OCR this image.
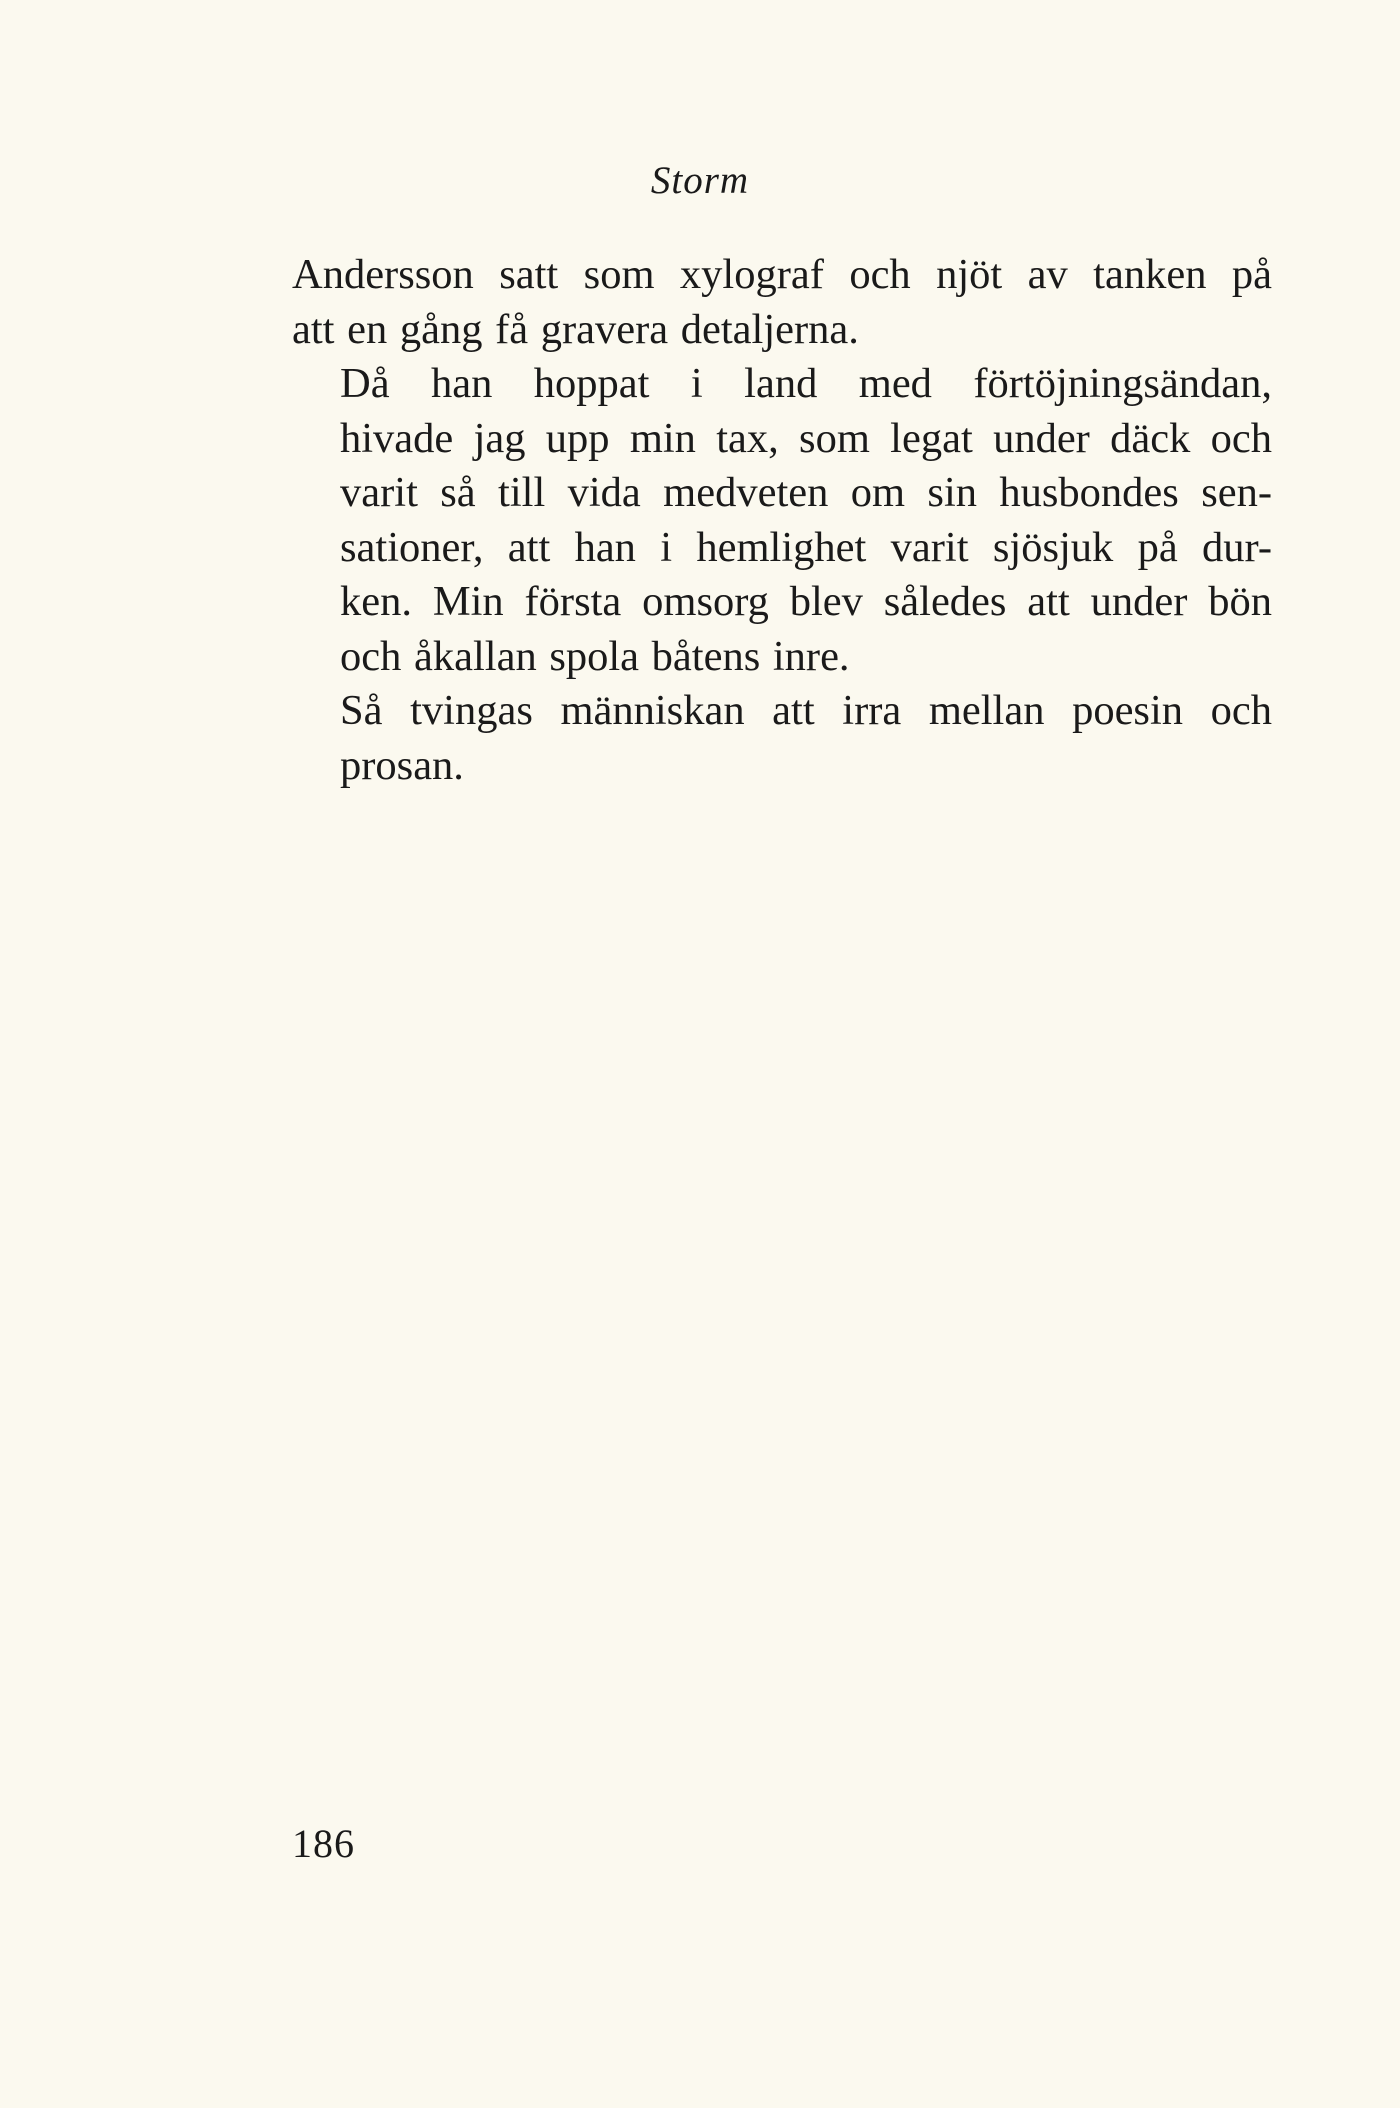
Storm

Andersson satt som xylograf och njöt av tanken på
att en gång få gravera detaljerna.

Då han hoppat i land med förtöjningsändan,
hivade jag upp min tax, som legat under däck och
varit så till vida medveten om sin husbondes sen-
sationer, att han i hemlighet varit sjösjuk på dur-
ken. Min första omsorg blev således att under bön
och åkallan spola båtens inre.

Så tvingas människan att irra mellan poesin och
prosan.

186
